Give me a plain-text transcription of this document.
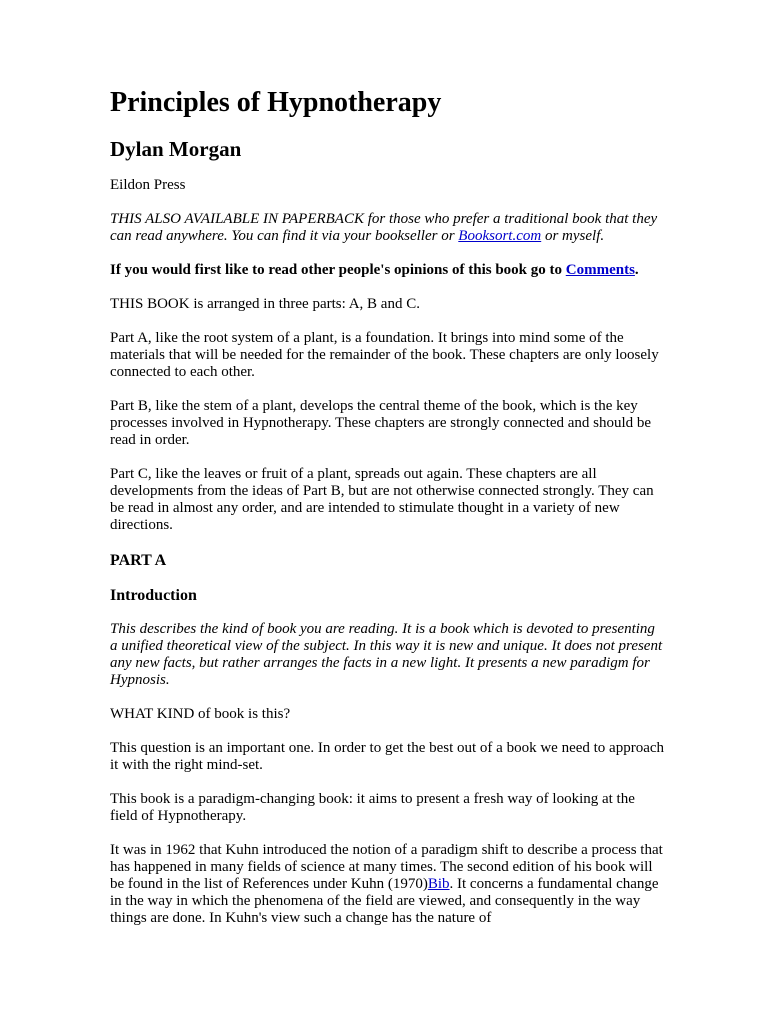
Principles of Hypnotherapy
Dylan Morgan

Eildon Press

THIS ALSO AVAILABLE IN PAPERBACK for those who prefer a traditional book that they can read anywhere. You can find it via your bookseller or Booksort.com or myself.

If you would first like to read other people's opinions of this book go to Comments.

THIS BOOK is arranged in three parts: A, B and C.

Part A, like the root system of a plant, is a foundation. It brings into mind some of the materials that will be needed for the remainder of the book. These chapters are only loosely connected to each other.

Part B, like the stem of a plant, develops the central theme of the book, which is the key processes involved in Hypnotherapy. These chapters are strongly connected and should be read in order.

Part C, like the leaves or fruit of a plant, spreads out again. These chapters are all developments from the ideas of Part B, but are not otherwise connected strongly. They can be read in almost any order, and are intended to stimulate thought in a variety of new directions.

PART A
Introduction

This describes the kind of book you are reading. It is a book which is devoted to presenting a unified theoretical view of the subject. In this way it is new and unique. It does not present any new facts, but rather arranges the facts in a new light. It presents a new paradigm for Hypnosis.

WHAT KIND of book is this?

This question is an important one. In order to get the best out of a book we need to approach it with the right mind-set.

This book is a paradigm-changing book: it aims to present a fresh way of looking at the field of Hypnotherapy.

It was in 1962 that Kuhn introduced the notion of a paradigm shift to describe a process that has happened in many fields of science at many times. The second edition of his book will be found in the list of References under Kuhn (1970)Bib. It concerns a fundamental change in the way in which the phenomena of the field are viewed, and consequently in the way things are done. In Kuhn's view such a change has the nature of
